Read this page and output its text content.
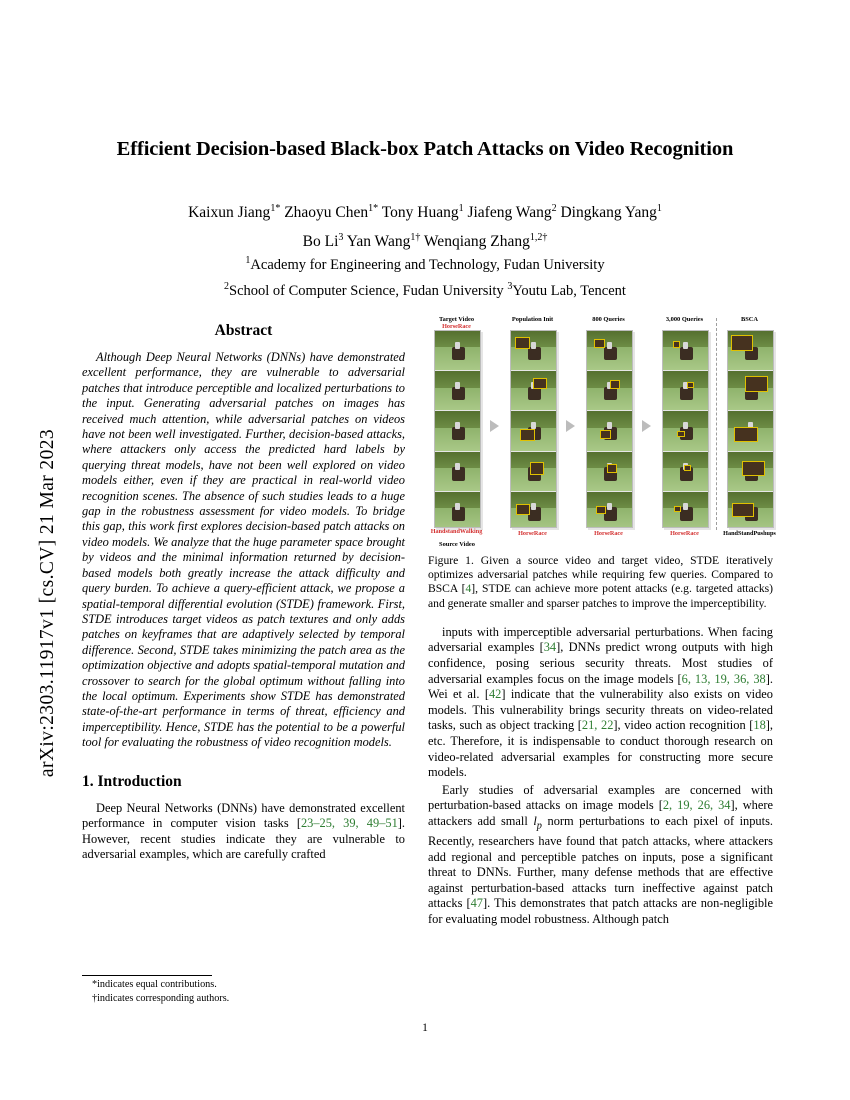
arXiv:2303.11917v1 [cs.CV] 21 Mar 2023
Efficient Decision-based Black-box Patch Attacks on Video Recognition
Kaixun Jiang$^{1*}$ Zhaoyu Chen$^{1*}$ Tony Huang$^1$ Jiafeng Wang$^2$ Dingkang Yang$^1$
Bo Li$^3$ Yan Wang$^{1\dagger}$ Wenqiang Zhang$^{1,2\dagger}$
$^1$Academy for Engineering and Technology, Fudan University
$^2$School of Computer Science, Fudan University $^3$Youtu Lab, Tencent
Abstract

Although Deep Neural Networks (DNNs) have demonstrated excellent performance, they are vulnerable to adversarial patches that introduce perceptible and localized perturbations to the input. Generating adversarial patches on images has received much attention, while adversarial patches on videos have not been well investigated. Further, decision-based attacks, where attackers only access the predicted hard labels by querying threat models, have not been well explored on video models either, even if they are practical in real-world video recognition scenes. The absence of such studies leads to a huge gap in the robustness assessment for video models. To bridge this gap, this work first explores decision-based patch attacks on video models. We analyze that the huge parameter space brought by videos and the minimal information returned by decision-based models both greatly increase the attack difficulty and query burden. To achieve a query-efficient attack, we propose a spatial-temporal differential evolution (STDE) framework. First, STDE introduces target videos as patch textures and only adds patches on keyframes that are adaptively selected by temporal difference. Second, STDE takes minimizing the patch area as the optimization objective and adopts spatial-temporal mutation and crossover to search for the global optimum without falling into the local optimum. Experiments show STDE has demonstrated state-of-the-art performance in terms of threat, efficiency and imperceptibility. Hence, STDE has the potential to be a powerful tool for evaluating the robustness of video recognition models.

1. Introduction

Deep Neural Networks (DNNs) have demonstrated excellent performance in computer vision tasks [23–25, 39, 49–51]. However, recent studies indicate they are vulnerable to adversarial examples, which are carefully crafted

*indicates equal contributions.
†indicates corresponding authors.
Target Video
HorseRace
HandstandWalking
Source Video
Population Init
HorseRace
800 Queries
HorseRace
3,000 Queries
HorseRace
BSCA
HandStandPushups

Figure 1. Given a source video and target video, STDE iteratively optimizes adversarial patches while requiring few queries. Compared to BSCA [4], STDE can achieve more potent attacks (e.g. targeted attacks) and generate smaller and sparser patches to improve the imperceptibility.

inputs with imperceptible adversarial perturbations. When facing adversarial examples [34], DNNs predict wrong outputs with high confidence, posing serious security threats. Most studies of adversarial examples focus on the image models [6, 13, 19, 36, 38]. Wei et al. [42] indicate that the vulnerability also exists on video models. This vulnerability brings security threats on video-related tasks, such as object tracking [21, 22], video action recognition [18], etc. Therefore, it is indispensable to conduct thorough research on video-related adversarial examples for constructing more secure models.

Early studies of adversarial examples are concerned with perturbation-based attacks on image models [2, 19, 26, 34], where attackers add small $l_p$ norm perturbations to each pixel of inputs. Recently, researchers have found that patch attacks, where attackers add regional and perceptible patches on inputs, pose a significant threat to DNNs. Further, many defense methods that are effective against perturbation-based attacks turn ineffective against patch attacks [47]. This demonstrates that patch attacks are non-negligible for evaluating model robustness. Although patch

1
